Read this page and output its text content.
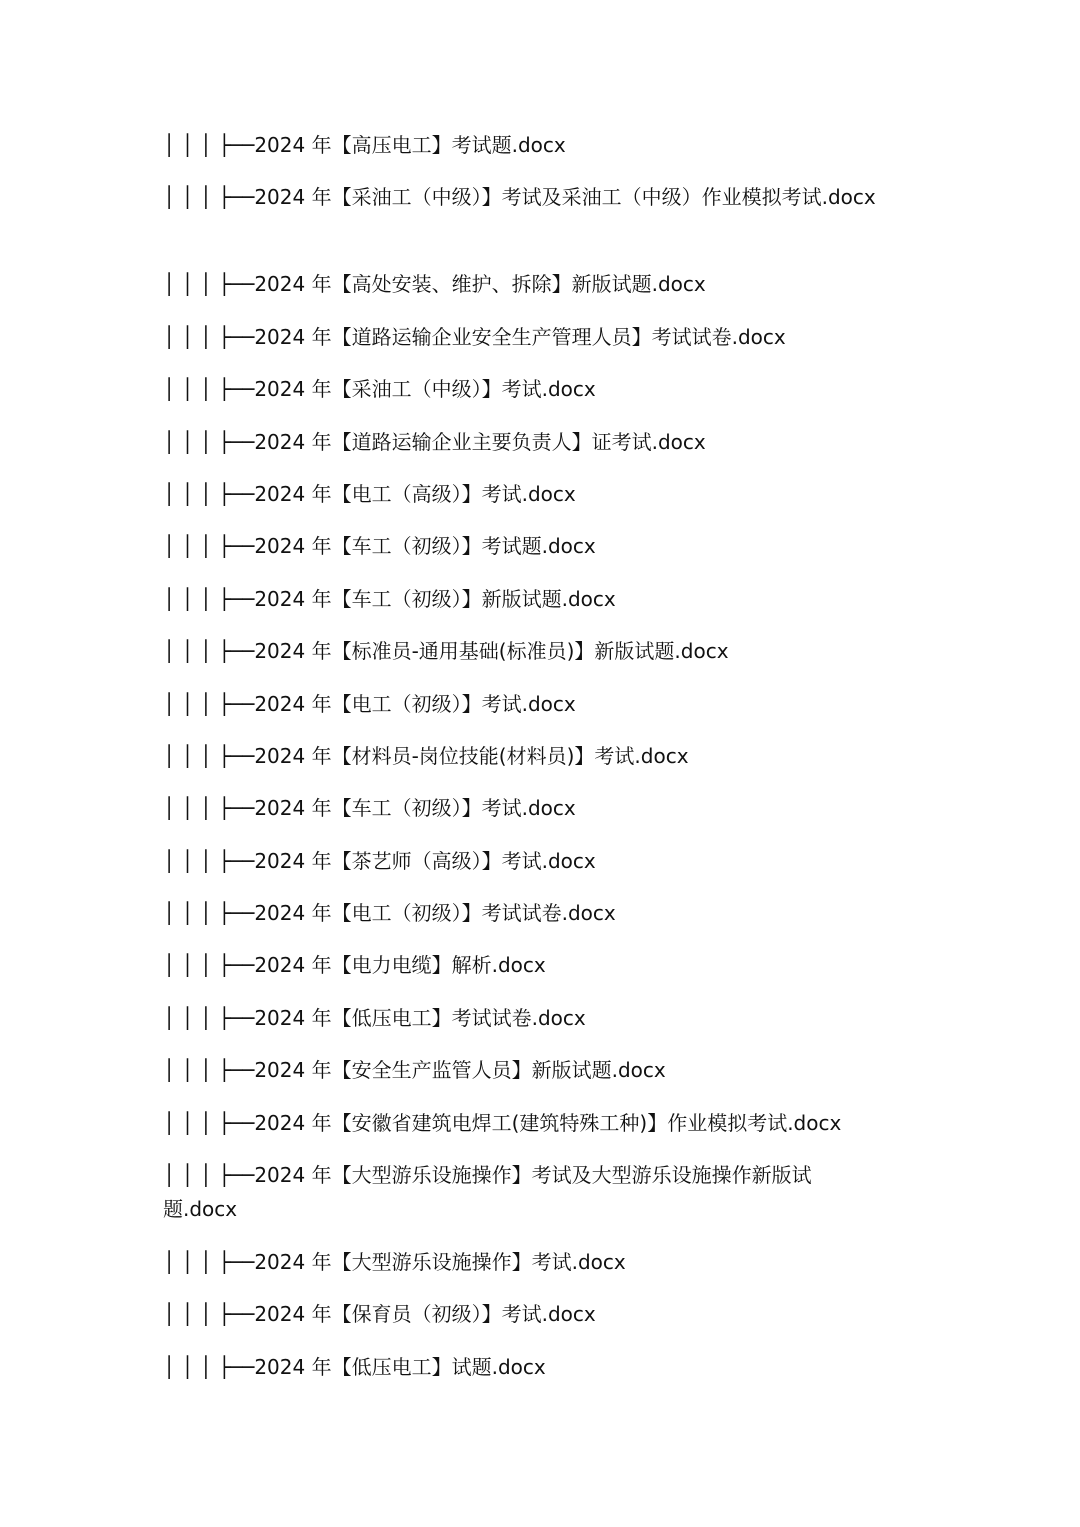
│ │ │ ├──2024 年【高压电工】考试题.docx
│ │ │ ├──2024 年【采油工（中级）】考试及采油工（中级）作业模拟考试.docx
│ │ │ ├──2024 年【高处安装、维护、拆除】新版试题.docx
│ │ │ ├──2024 年【道路运输企业安全生产管理人员】考试试卷.docx
│ │ │ ├──2024 年【采油工（中级）】考试.docx
│ │ │ ├──2024 年【道路运输企业主要负责人】证考试.docx
│ │ │ ├──2024 年【电工（高级）】考试.docx
│ │ │ ├──2024 年【车工（初级）】考试题.docx
│ │ │ ├──2024 年【车工（初级）】新版试题.docx
│ │ │ ├──2024 年【标准员-通用基础(标准员)】新版试题.docx
│ │ │ ├──2024 年【电工（初级）】考试.docx
│ │ │ ├──2024 年【材料员-岗位技能(材料员)】考试.docx
│ │ │ ├──2024 年【车工（初级）】考试.docx
│ │ │ ├──2024 年【茶艺师（高级）】考试.docx
│ │ │ ├──2024 年【电工（初级）】考试试卷.docx
│ │ │ ├──2024 年【电力电缆】解析.docx
│ │ │ ├──2024 年【低压电工】考试试卷.docx
│ │ │ ├──2024 年【安全生产监管人员】新版试题.docx
│ │ │ ├──2024 年【安徽省建筑电焊工(建筑特殊工种)】作业模拟考试.docx
│ │ │ ├──2024 年【大型游乐设施操作】考试及大型游乐设施操作新版试题.docx
│ │ │ ├──2024 年【大型游乐设施操作】考试.docx
│ │ │ ├──2024 年【保育员（初级）】考试.docx
│ │ │ ├──2024 年【低压电工】试题.docx
